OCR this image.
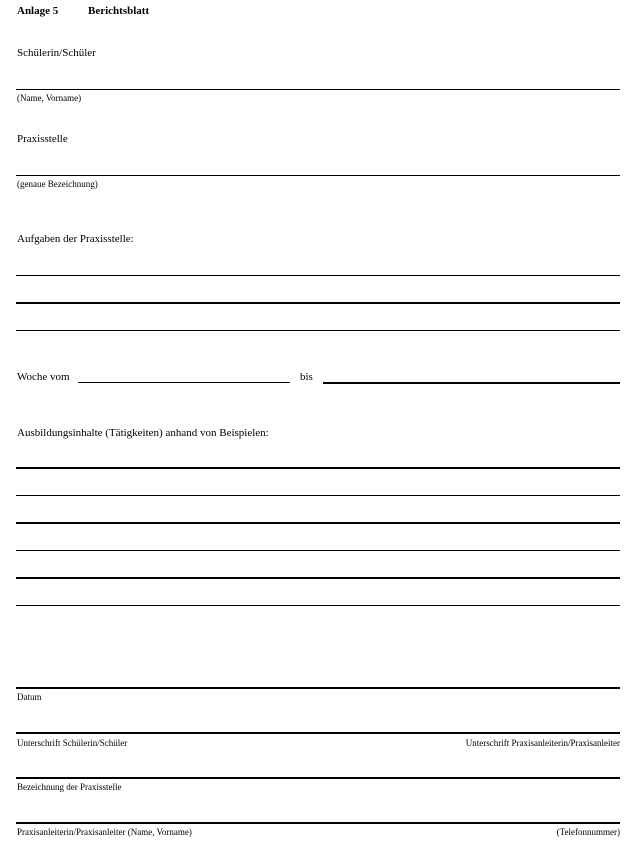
Anlage 5	Berichtsblatt
Schülerin/Schüler
(Name, Vorname)
Praxisstelle
(genaue Bezeichnung)
Aufgaben der Praxisstelle:
Woche vom	bis
Ausbildungsinhalte (Tätigkeiten) anhand von Beispielen:
Datum
Unterschrift Schülerin/Schüler	Unterschrift Praxisanleiterin/Praxisanleiter
Bezeichnung der Praxisstelle
Praxisanleiterin/Praxisanleiter (Name, Vorname)	(Telefonnummer)
